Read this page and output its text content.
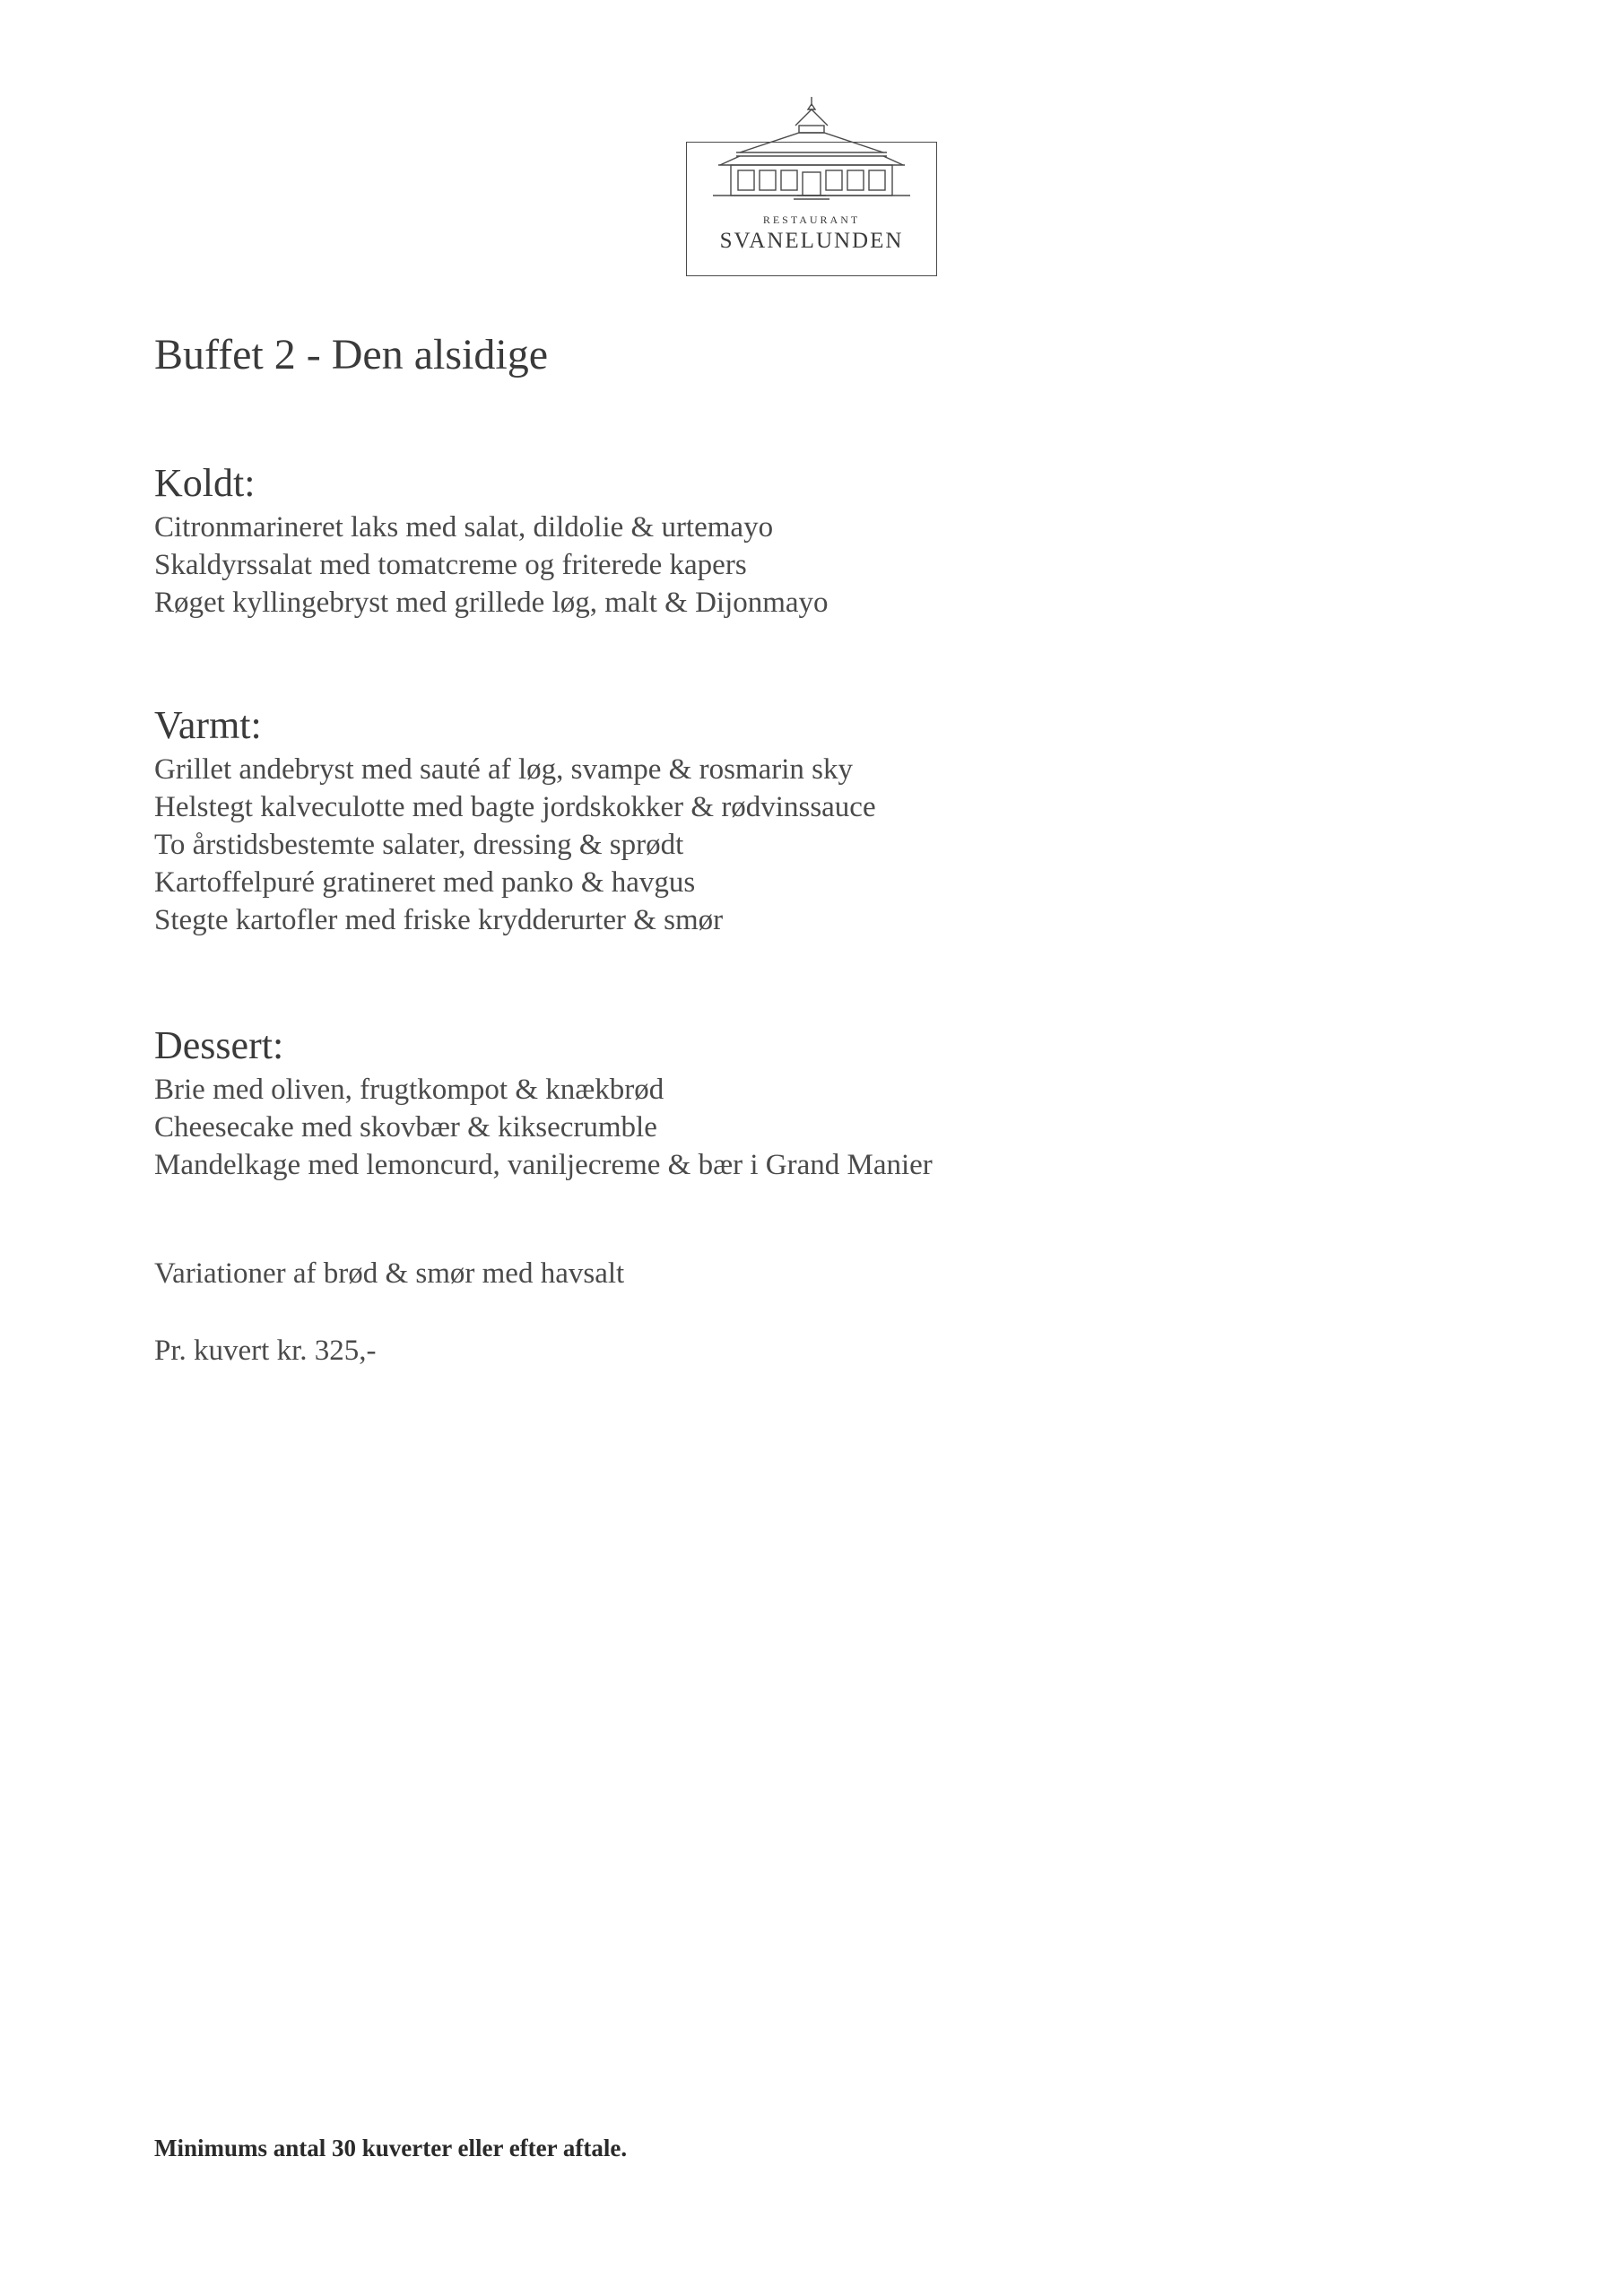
RESTAURANT
SVANELUNDEN
Buffet 2 - Den alsidige
Koldt:
Citronmarineret laks med salat, dildolie & urtemayo
Skaldyrssalat med tomatcreme og friterede kapers
Røget kyllingebryst med grillede løg, malt & Dijonmayo
Varmt:
Grillet andebryst med sauté af løg, svampe & rosmarin sky
Helstegt kalveculotte med bagte jordskokker & rødvinssauce
To årstidsbestemte salater, dressing & sprødt
Kartoffelpuré gratineret med panko & havgus
Stegte kartofler med friske krydderurter & smør
Dessert:
Brie med oliven, frugtkompot & knækbrød
Cheesecake med skovbær & kiksecrumble
Mandelkage med lemoncurd, vaniljecreme & bær i Grand Manier
Variationer af brød & smør med havsalt
Pr. kuvert kr. 325,-
Minimums antal 30 kuverter eller efter aftale.
